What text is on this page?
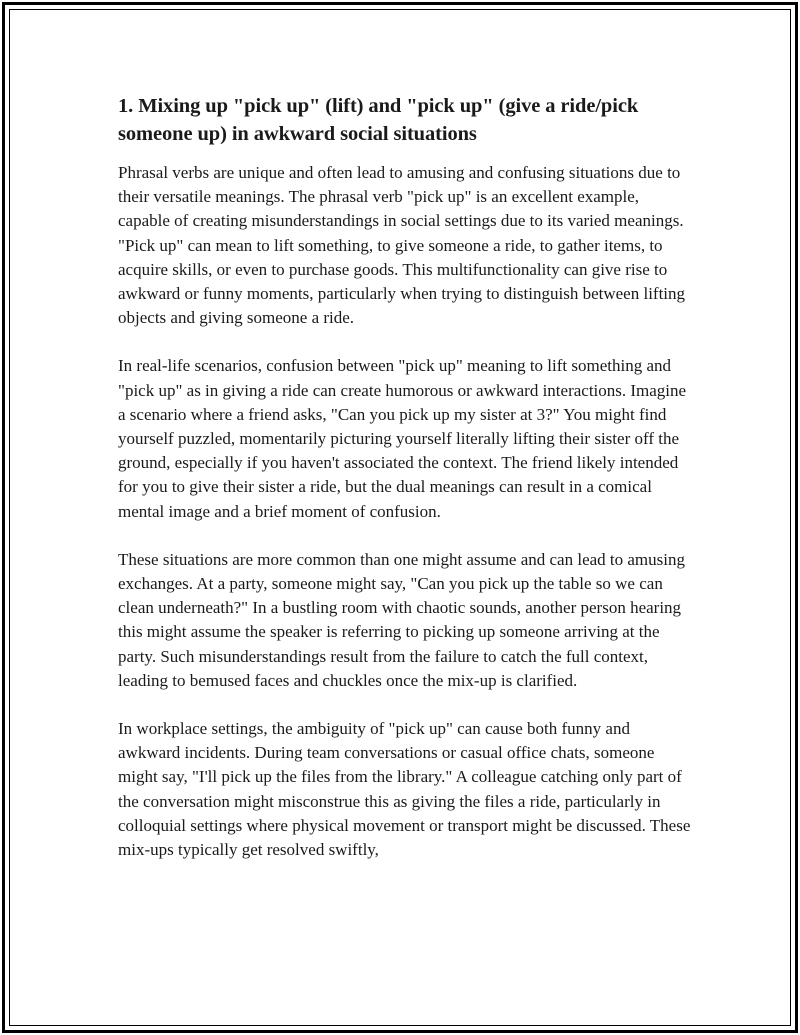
1. Mixing up "pick up" (lift) and "pick up" (give a ride/pick someone up) in awkward social situations

Phrasal verbs are unique and often lead to amusing and confusing situations due to their versatile meanings. The phrasal verb "pick up" is an excellent example, capable of creating misunderstandings in social settings due to its varied meanings. "Pick up" can mean to lift something, to give someone a ride, to gather items, to acquire skills, or even to purchase goods. This multifunctionality can give rise to awkward or funny moments, particularly when trying to distinguish between lifting objects and giving someone a ride.

In real-life scenarios, confusion between "pick up" meaning to lift something and "pick up" as in giving a ride can create humorous or awkward interactions. Imagine a scenario where a friend asks, "Can you pick up my sister at 3?" You might find yourself puzzled, momentarily picturing yourself literally lifting their sister off the ground, especially if you haven't associated the context. The friend likely intended for you to give their sister a ride, but the dual meanings can result in a comical mental image and a brief moment of confusion.

These situations are more common than one might assume and can lead to amusing exchanges. At a party, someone might say, "Can you pick up the table so we can clean underneath?" In a bustling room with chaotic sounds, another person hearing this might assume the speaker is referring to picking up someone arriving at the party. Such misunderstandings result from the failure to catch the full context, leading to bemused faces and chuckles once the mix-up is clarified.

In workplace settings, the ambiguity of "pick up" can cause both funny and awkward incidents. During team conversations or casual office chats, someone might say, "I'll pick up the files from the library." A colleague catching only part of the conversation might misconstrue this as giving the files a ride, particularly in colloquial settings where physical movement or transport might be discussed. These mix-ups typically get resolved swiftly,
